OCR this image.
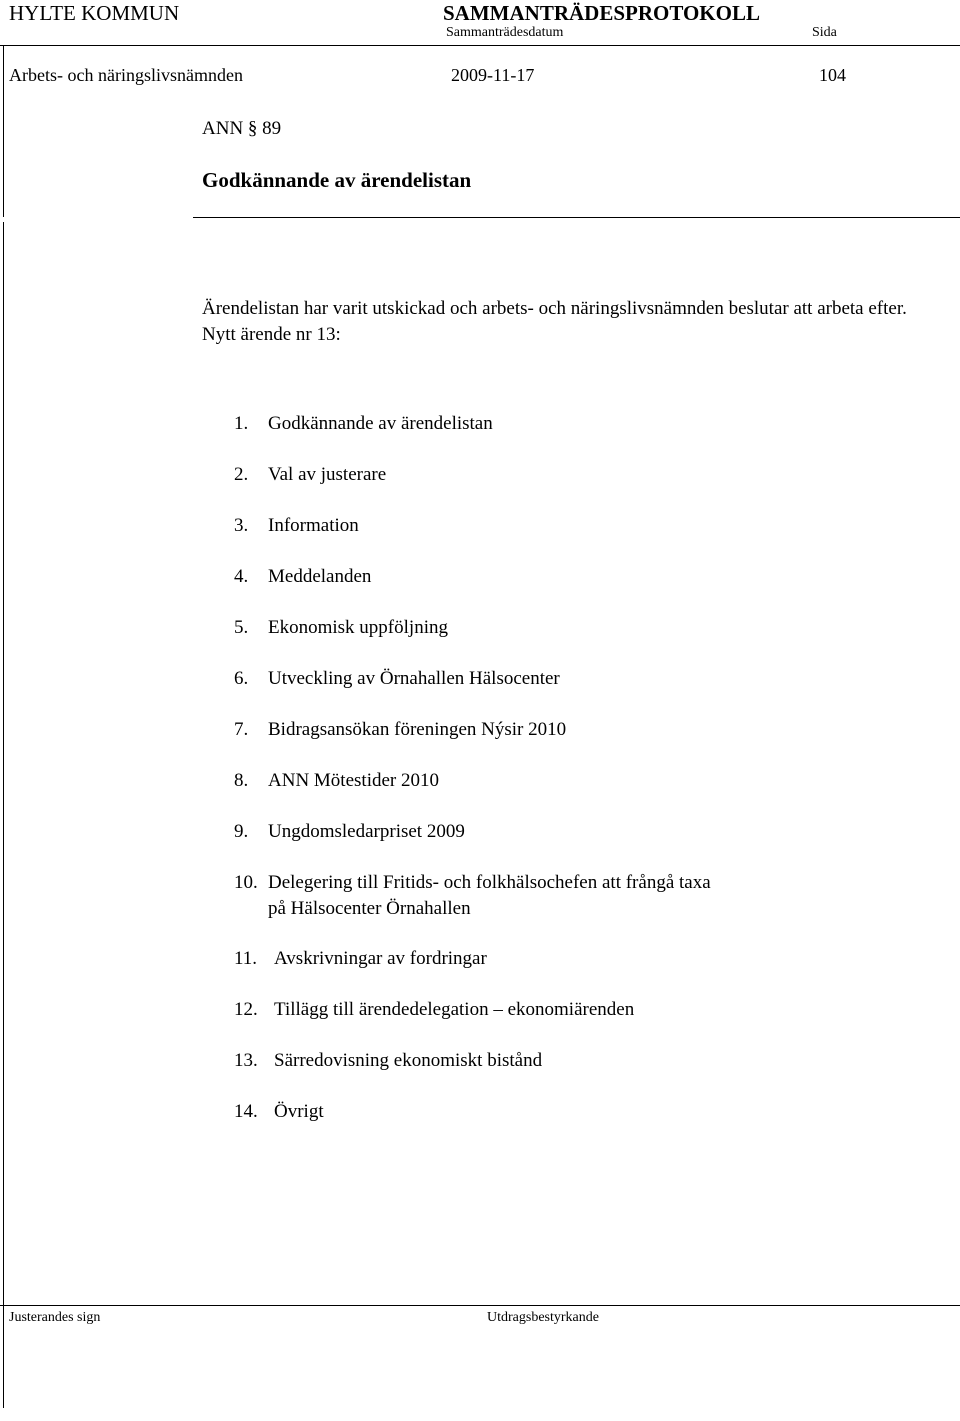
HYLTE KOMMUN	SAMMANTRÄDESPROTOKOLL
Sammanträdesdatum	Sida
Arbets- och näringslivsnämnden	2009-11-17	104
ANN § 89
Godkännande av ärendelistan
Ärendelistan har varit utskickad och arbets- och näringslivsnämnden beslutar att arbeta efter. Nytt ärende nr 13:
1. Godkännande av ärendelistan
2. Val av justerare
3. Information
4. Meddelanden
5. Ekonomisk uppföljning
6. Utveckling av Örnahallen Hälsocenter
7. Bidragsansökan föreningen Nýsir 2010
8. ANN Mötestider 2010
9. Ungdomsledarpriset 2009
10. Delegering till Fritids- och folkhälsochefen att frångå taxa
på Hälsocenter Örnahallen
11. Avskrivningar av fordringar
12. Tillägg till ärendedelegation – ekonomiärenden
13. Särredovisning ekonomiskt bistånd
14. Övrigt
Justerandes sign	Utdragsbestyrkande
